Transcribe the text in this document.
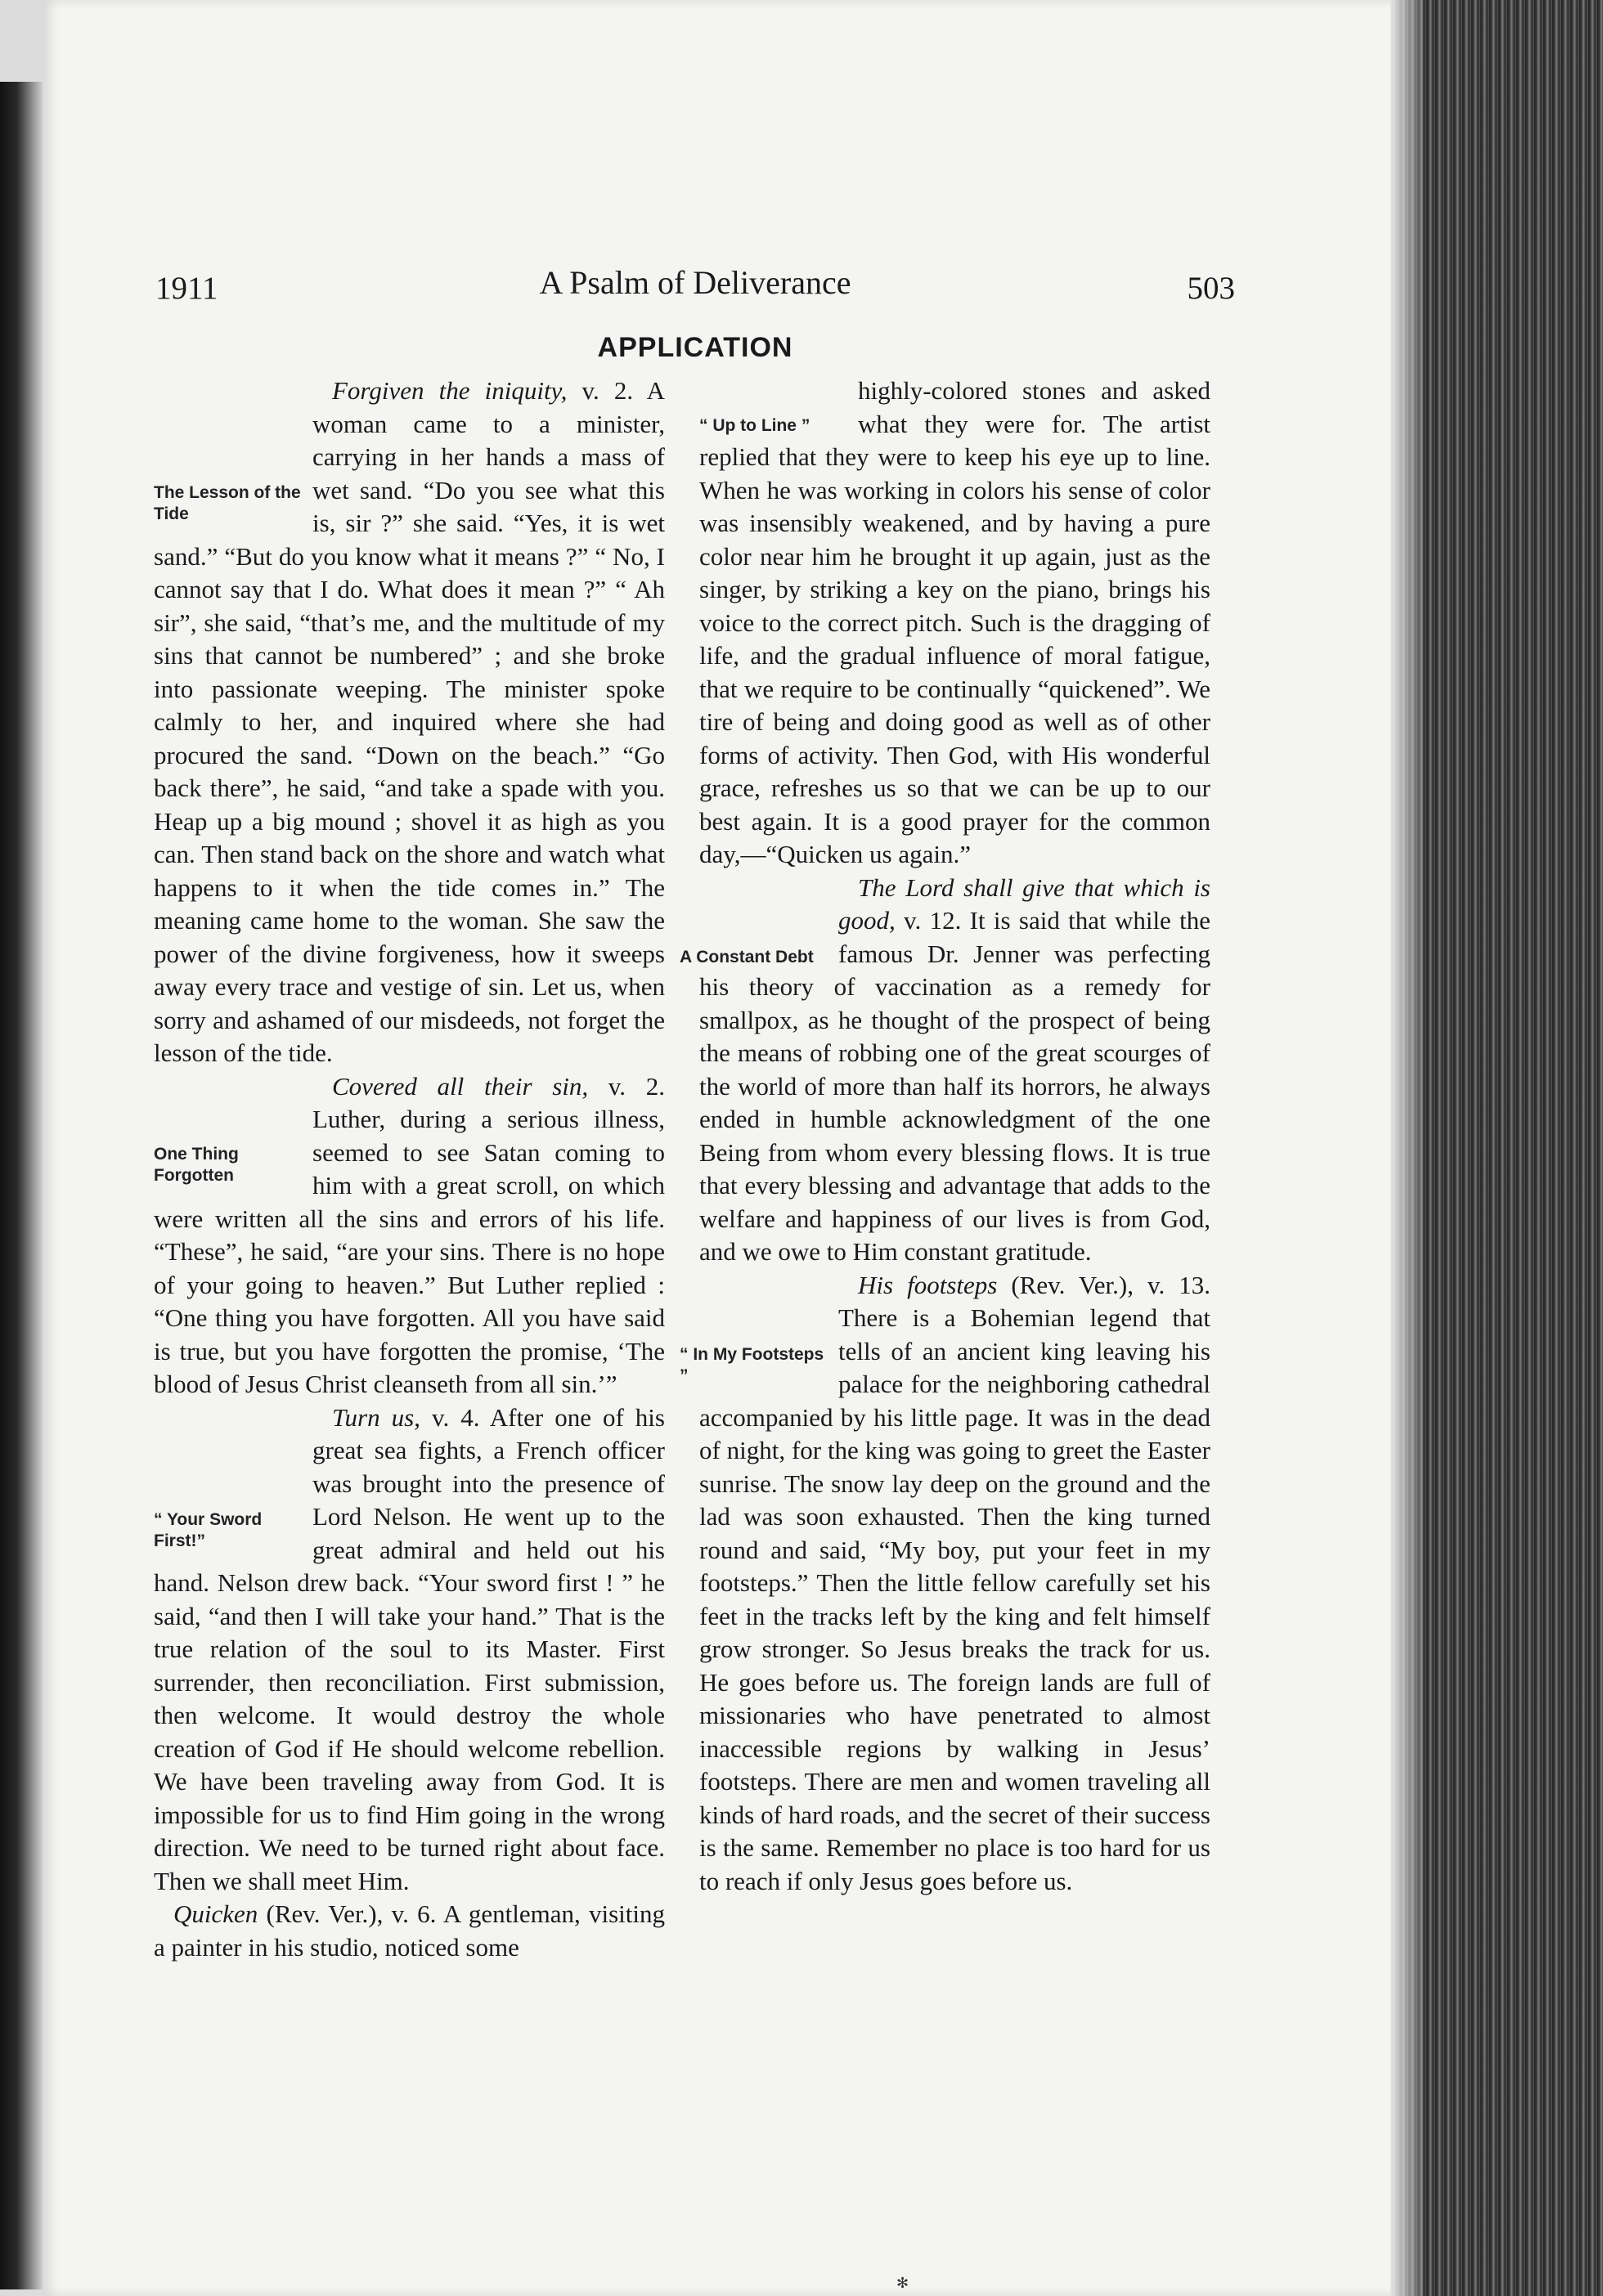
1911	A Psalm of Deliverance	503
APPLICATION

The Lesson of the Tide
Forgiven the iniquity, v. 2. A woman came to a minister, carrying in her hands a mass of wet sand. “Do you see what this is, sir ?” she said. “Yes, it is wet sand.” “But do you know what it means ?” “ No, I cannot say that I do. What does it mean ?” “ Ah sir”, she said, “that’s me, and the multitude of my sins that cannot be numbered” ; and she broke into passionate weeping. The minister spoke calmly to her, and inquired where she had procured the sand. “Down on the beach.” “Go back there”, he said, “and take a spade with you. Heap up a big mound ; shovel it as high as you can. Then stand back on the shore and watch what happens to it when the tide comes in.” The meaning came home to the woman. She saw the power of the divine forgiveness, how it sweeps away every trace and vestige of sin. Let us, when sorry and ashamed of our misdeeds, not forget the lesson of the tide.

One Thing Forgotten
Covered all their sin, v. 2. Luther, during a serious illness, seemed to see Satan coming to him with a great scroll, on which were written all the sins and errors of his life. “These”, he said, “are your sins. There is no hope of your going to heaven.” But Luther replied : “One thing you have forgotten. All you have said is true, but you have forgotten the promise, ‘The blood of Jesus Christ cleanseth from all sin.’”

“ Your Sword First!”
Turn us, v. 4. After one of his great sea fights, a French officer was brought into the presence of Lord Nelson. He went up to the great admiral and held out his hand. Nelson drew back. “Your sword first ! ” he said, “and then I will take your hand.” That is the true relation of the soul to its Master. First surrender, then reconciliation. First submission, then welcome. It would destroy the whole creation of God if He should welcome rebellion. We have been traveling away from God. It is impossible for us to find Him going in the wrong direction. We need to be turned right about face. Then we shall meet Him.

Quicken (Rev. Ver.), v. 6. A gentleman, visiting a painter in his studio, noticed some

“ Up to Line ”
highly-colored stones and asked what they were for. The artist replied that they were to keep his eye up to line. When he was working in colors his sense of color was insensibly weakened, and by having a pure color near him he brought it up again, just as the singer, by striking a key on the piano, brings his voice to the correct pitch. Such is the dragging of life, and the gradual influence of moral fatigue, that we require to be continually “quickened”. We tire of being and doing good as well as of other forms of activity. Then God, with His wonderful grace, refreshes us so that we can be up to our best again. It is a good prayer for the common day,—“Quicken us again.”

A Constant Debt
The Lord shall give that which is good, v. 12. It is said that while the famous Dr. Jenner was perfecting his theory of vaccination as a remedy for smallpox, as he thought of the prospect of being the means of robbing one of the great scourges of the world of more than half its horrors, he always ended in humble acknowledgment of the one Being from whom every blessing flows. It is true that every blessing and advantage that adds to the welfare and happiness of our lives is from God, and we owe to Him constant gratitude.

“ In My Footsteps ”
His footsteps (Rev. Ver.), v. 13. There is a Bohemian legend that tells of an ancient king leaving his palace for the neighboring cathedral accompanied by his little page. It was in the dead of night, for the king was going to greet the Easter sunrise. The snow lay deep on the ground and the lad was soon exhausted. Then the king turned round and said, “My boy, put your feet in my footsteps.” Then the little fellow carefully set his feet in the tracks left by the king and felt himself grow stronger. So Jesus breaks the track for us. He goes before us. The foreign lands are full of missionaries who have penetrated to almost inaccessible regions by walking in Jesus’ footsteps. There are men and women traveling all kinds of hard roads, and the secret of their success is the same. Remember no place is too hard for us to reach if only Jesus goes before us.

✻
